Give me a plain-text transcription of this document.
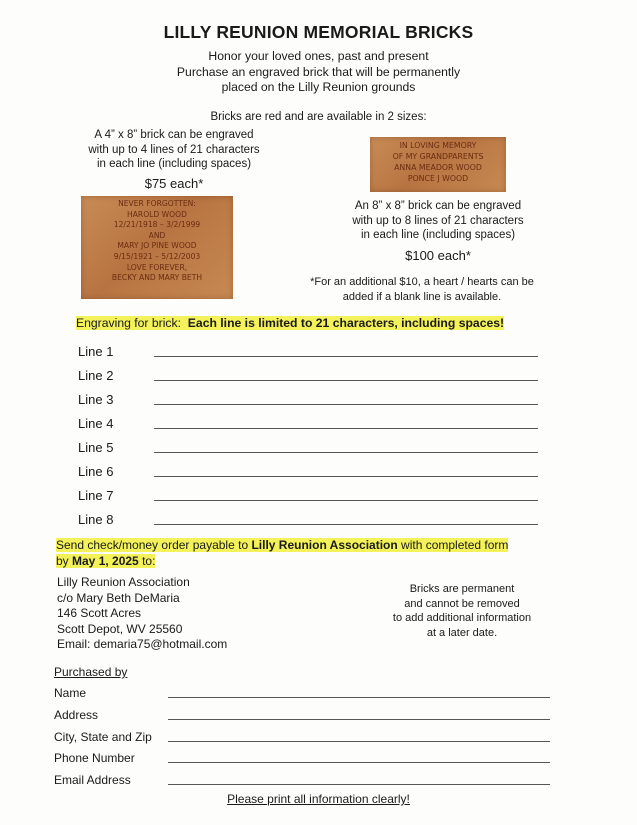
LILLY REUNION MEMORIAL BRICKS
Honor your loved ones, past and present
Purchase an engraved brick that will be permanently
placed on the Lilly Reunion grounds
Bricks are red and are available in 2 sizes:
A 4” x 8” brick can be engraved
with up to 4 lines of 21 characters
in each line (including spaces)
$75 each*
NEVER FORGOTTEN:
HAROLD WOOD
12/21/1918 – 3/2/1999
AND
MARY JO PINE WOOD
9/15/1921 – 5/12/2003
LOVE FOREVER,
BECKY AND MARY BETH
IN LOVING MEMORY
OF MY GRANDPARENTS
ANNA MEADOR WOOD
PONCE J WOOD
An 8” x 8” brick can be engraved
with up to 8 lines of 21 characters
in each line (including spaces)
$100 each*
*For an additional $10, a heart / hearts can be
added if a blank line is available.
Engraving for brick: Each line is limited to 21 characters, including spaces!
Line 1
Line 2
Line 3
Line 4
Line 5
Line 6
Line 7
Line 8
Send check/money order payable to Lilly Reunion Association with completed form
by May 1, 2025 to:
Lilly Reunion Association
c/o Mary Beth DeMaria
146 Scott Acres
Scott Depot, WV 25560
Email: demaria75@hotmail.com
Bricks are permanent
and cannot be removed
to add additional information
at a later date.
Purchased by
Name
Address
City, State and Zip
Phone Number
Email Address
Please print all information clearly!
